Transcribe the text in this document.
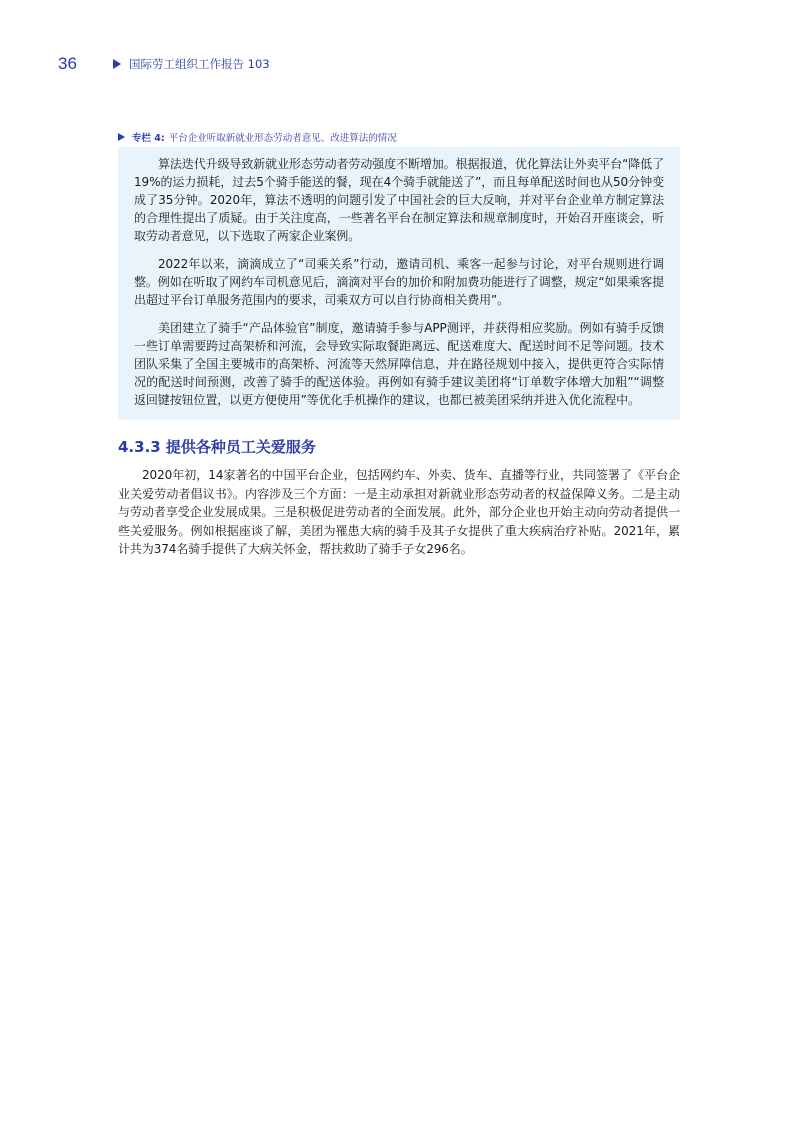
36	国际劳工组织工作报告 103
专栏 4: 平台企业听取新就业形态劳动者意见、改进算法的情况

算法迭代升级导致新就业形态劳动者劳动强度不断增加。根据报道，优化算法让外卖平台“降低了19%的运力损耗，过去5个骑手能送的餐，现在4个骑手就能送了”，而且每单配送时间也从50分钟变成了35分钟。2020年，算法不透明的问题引发了中国社会的巨大反响，并对平台企业单方制定算法的合理性提出了质疑。由于关注度高，一些著名平台在制定算法和规章制度时，开始召开座谈会，听取劳动者意见，以下选取了两家企业案例。

2022年以来，滴滴成立了“司乘关系”行动，邀请司机、乘客一起参与讨论，对平台规则进行调整。例如在听取了网约车司机意见后，滴滴对平台的加价和附加费功能进行了调整，规定“如果乘客提出超过平台订单服务范围内的要求，司乘双方可以自行协商相关费用”。

美团建立了骑手“产品体验官”制度，邀请骑手参与APP测评，并获得相应奖励。例如有骑手反馈一些订单需要跨过高架桥和河流，会导致实际取餐距离远、配送难度大、配送时间不足等问题。技术团队采集了全国主要城市的高架桥、河流等天然屏障信息，并在路径规划中接入，提供更符合实际情况的配送时间预测，改善了骑手的配送体验。再例如有骑手建议美团将“订单数字体增大加粗”“调整返回键按钮位置，以更方便使用”等优化手机操作的建议，也都已被美团采纳并进入优化流程中。

4.3.3 提供各种员工关爱服务

2020年初，14家著名的中国平台企业，包括网约车、外卖、货车、直播等行业，共同签署了《平台企业关爱劳动者倡议书》。内容涉及三个方面：一是主动承担对新就业形态劳动者的权益保障义务。二是主动与劳动者享受企业发展成果。三是积极促进劳动者的全面发展。此外，部分企业也开始主动向劳动者提供一些关爱服务。例如根据座谈了解，美团为罹患大病的骑手及其子女提供了重大疾病治疗补贴。2021年，累计共为374名骑手提供了大病关怀金，帮扶救助了骑手子女296名。
